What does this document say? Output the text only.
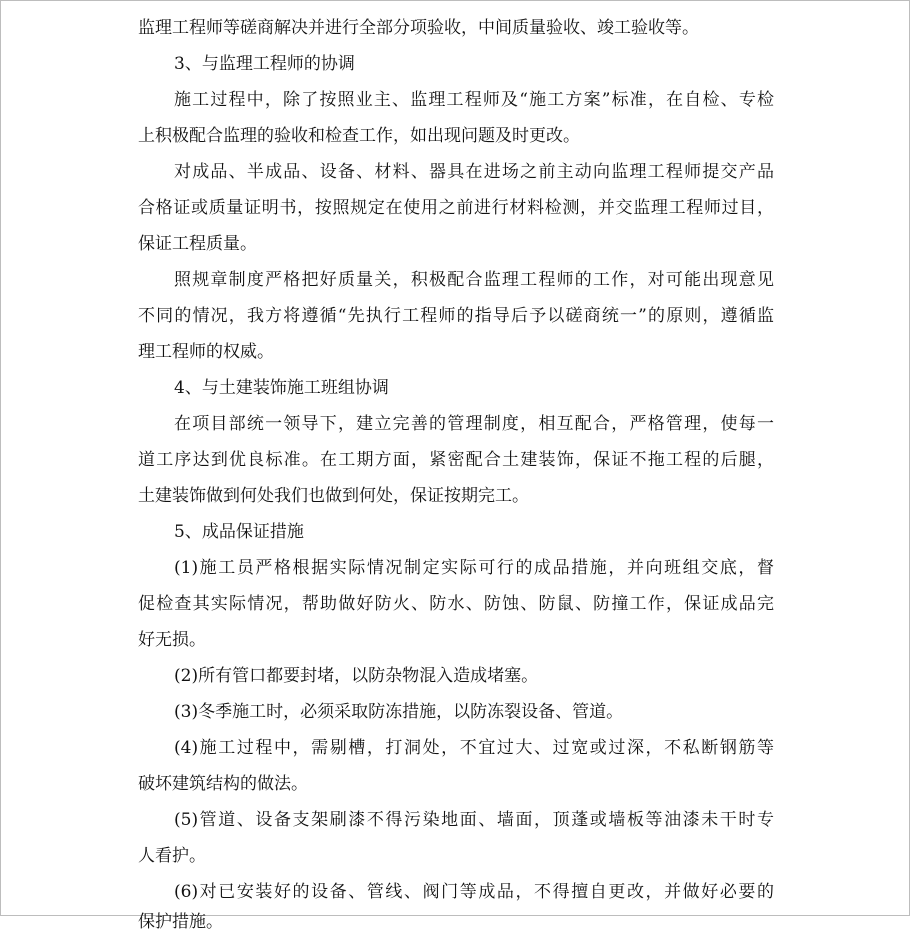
监理工程师等磋商解决并进行全部分项验收，中间质量验收、竣工验收等。
3、与监理工程师的协调
施工过程中，除了按照业主、监理工程师及“施工方案”标准，在自检、专检
上积极配合监理的验收和检查工作，如出现问题及时更改。
对成品、半成品、设备、材料、器具在进场之前主动向监理工程师提交产品
合格证或质量证明书，按照规定在使用之前进行材料检测，并交监理工程师过目，
保证工程质量。
照规章制度严格把好质量关，积极配合监理工程师的工作，对可能出现意见
不同的情况，我方将遵循“先执行工程师的指导后予以磋商统一”的原则，遵循监
理工程师的权威。
4、与土建装饰施工班组协调
在项目部统一领导下，建立完善的管理制度，相互配合，严格管理，使每一
道工序达到优良标准。在工期方面，紧密配合土建装饰，保证不拖工程的后腿，
土建装饰做到何处我们也做到何处，保证按期完工。
5、成品保证措施
(1)施工员严格根据实际情况制定实际可行的成品措施，并向班组交底，督
促检查其实际情况，帮助做好防火、防水、防蚀、防鼠、防撞工作，保证成品完
好无损。
(2)所有管口都要封堵，以防杂物混入造成堵塞。
(3)冬季施工时，必须采取防冻措施，以防冻裂设备、管道。
(4)施工过程中，需剔槽，打洞处，不宜过大、过宽或过深，不私断钢筋等
破坏建筑结构的做法。
(5)管道、设备支架刷漆不得污染地面、墙面，顶蓬或墙板等油漆未干时专
人看护。
(6)对已安装好的设备、管线、阀门等成品，不得擅自更改，并做好必要的
保护措施。
